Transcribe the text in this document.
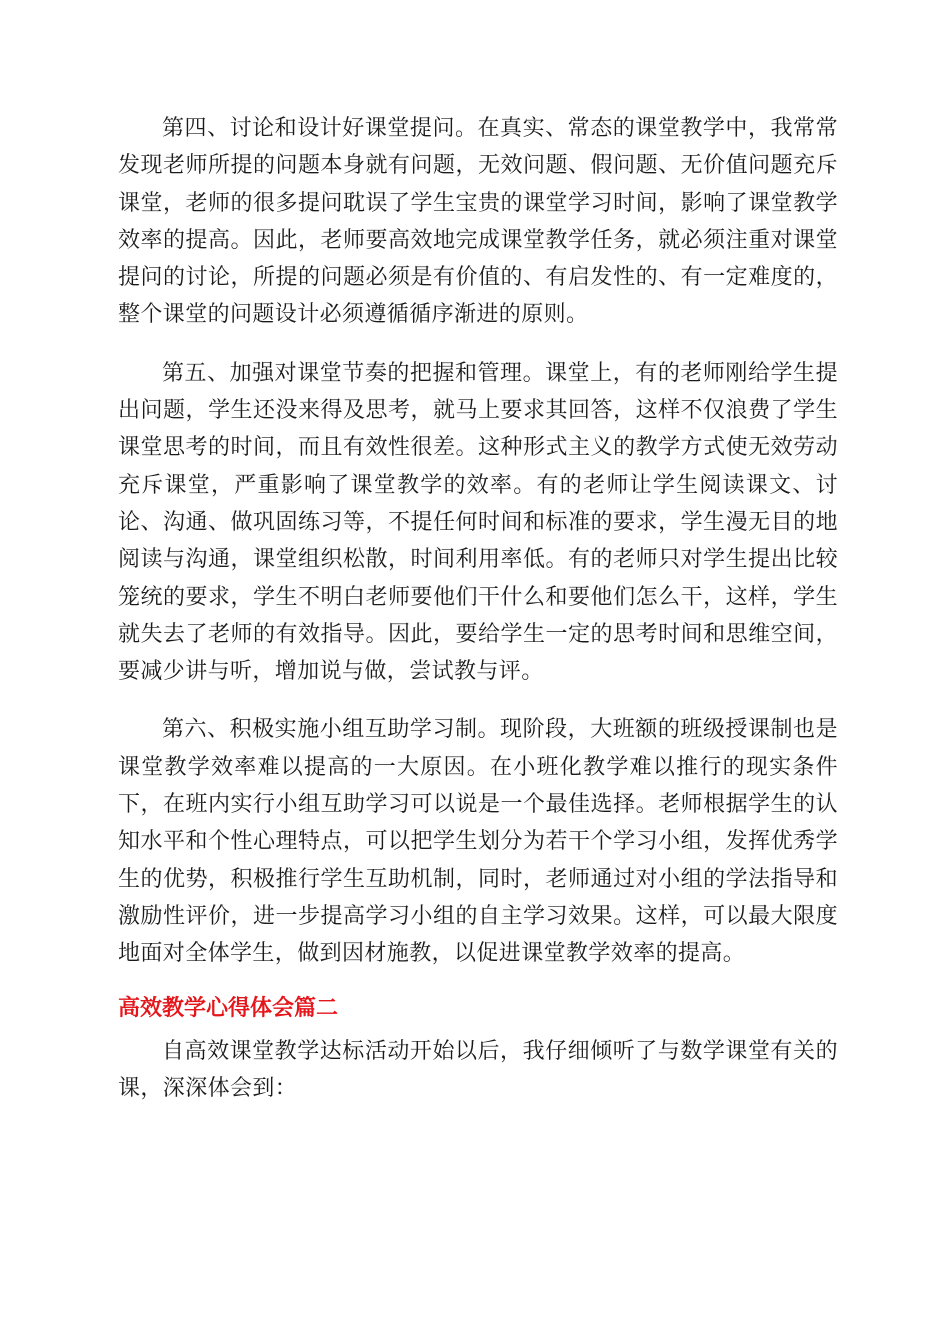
第四、讨论和设计好课堂提问。在真实、常态的课堂教学中，我常常发现老师所提的问题本身就有问题，无效问题、假问题、无价值问题充斥课堂，老师的很多提问耽误了学生宝贵的课堂学习时间，影响了课堂教学效率的提高。因此，老师要高效地完成课堂教学任务，就必须注重对课堂提问的讨论，所提的问题必须是有价值的、有启发性的、有一定难度的，整个课堂的问题设计必须遵循循序渐进的原则。

第五、加强对课堂节奏的把握和管理。课堂上，有的老师刚给学生提出问题，学生还没来得及思考，就马上要求其回答，这样不仅浪费了学生课堂思考的时间，而且有效性很差。这种形式主义的教学方式使无效劳动充斥课堂，严重影响了课堂教学的效率。有的老师让学生阅读课文、讨论、沟通、做巩固练习等，不提任何时间和标准的要求，学生漫无目的地阅读与沟通，课堂组织松散，时间利用率低。有的老师只对学生提出比较笼统的要求，学生不明白老师要他们干什么和要他们怎么干，这样，学生就失去了老师的有效指导。因此，要给学生一定的思考时间和思维空间，要减少讲与听，增加说与做，尝试教与评。

第六、积极实施小组互助学习制。现阶段，大班额的班级授课制也是课堂教学效率难以提高的一大原因。在小班化教学难以推行的现实条件下，在班内实行小组互助学习可以说是一个最佳选择。老师根据学生的认知水平和个性心理特点，可以把学生划分为若干个学习小组，发挥优秀学生的优势，积极推行学生互助机制，同时，老师通过对小组的学法指导和激励性评价，进一步提高学习小组的自主学习效果。这样，可以最大限度地面对全体学生，做到因材施教，以促进课堂教学效率的提高。

高效教学心得体会篇二

自高效课堂教学达标活动开始以后，我仔细倾听了与数学课堂有关的课，深深体会到：
